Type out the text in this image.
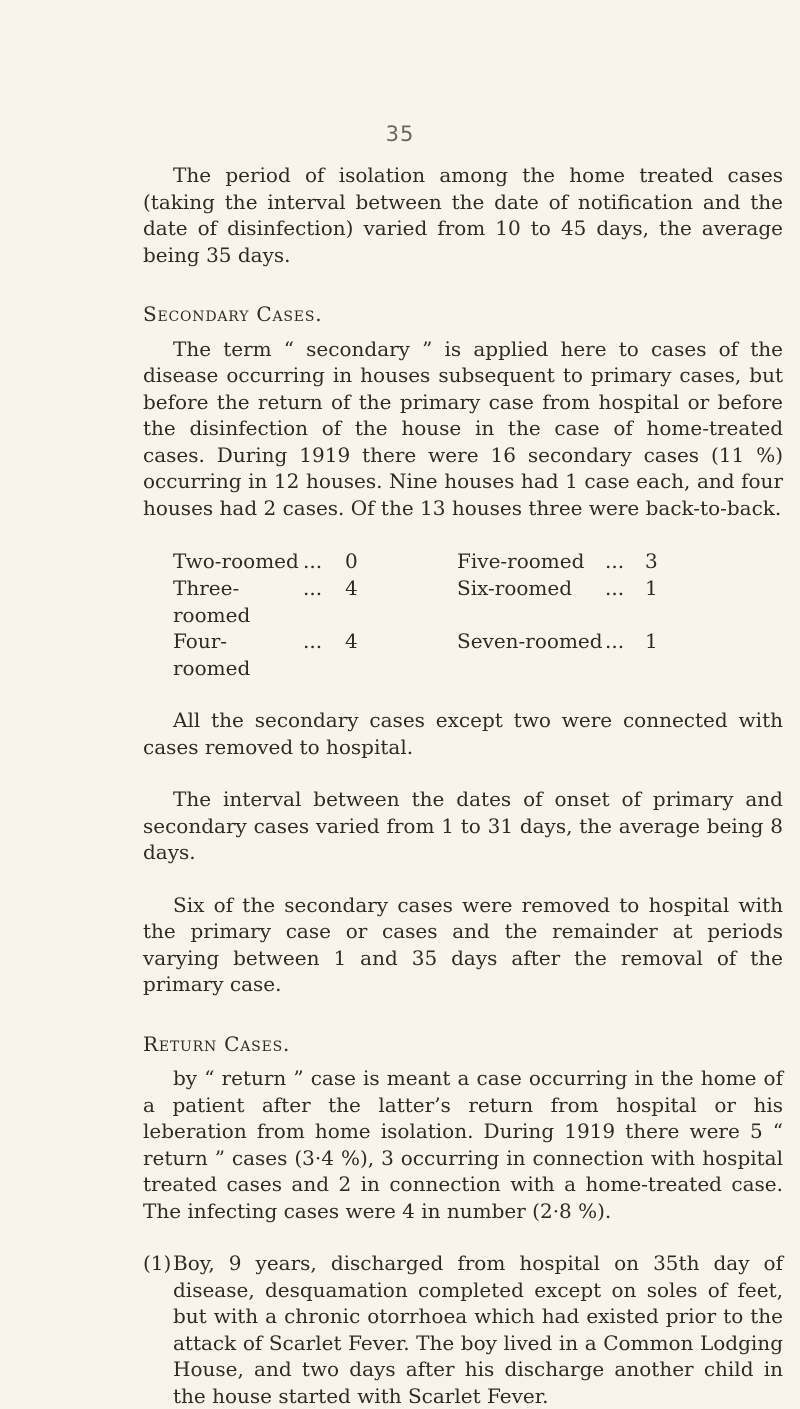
35

The period of isolation among the home treated cases (taking the interval between the date of notification and the date of disinfection) varied from 10 to 45 days, the average being 35 days.

Secondary Cases.

The term “ secondary ” is applied here to cases of the disease occurring in houses subsequent to primary cases, but before the return of the primary case from hospital or before the disinfection of the house in the case of home-treated cases. During 1919 there were 16 secondary cases (11 %) occurring in 12 houses. Nine houses had 1 case each, and four houses had 2 cases. Of the 13 houses three were back-to-back.

Two-roomed	...	0	Five-roomed	...	3
Three-roomed	...	4	Six-roomed	...	1
Four-roomed	...	4	Seven-roomed	...	1

All the secondary cases except two were connected with cases removed to hospital.

The interval between the dates of onset of primary and secondary cases varied from 1 to 31 days, the average being 8 days.

Six of the secondary cases were removed to hospital with the primary case or cases and the remainder at periods varying between 1 and 35 days after the removal of the primary case.

Return Cases.

by “ return ” case is meant a case occurring in the home of a patient after the latter’s return from hospital or his leberation from home isolation. During 1919 there were 5 “ return ” cases (3·4 %), 3 occurring in connection with hospital treated cases and 2 in connection with a home-treated case. The infecting cases were 4 in number (2·8 %).

(1)Boy, 9 years, discharged from hospital on 35th day of disease, desquamation completed except on soles of feet, but with a chronic otorrhoea which had existed prior to the attack of Scarlet Fever. The boy lived in a Common Lodging House, and two days after his discharge another child in the house started with Scarlet Fever.
